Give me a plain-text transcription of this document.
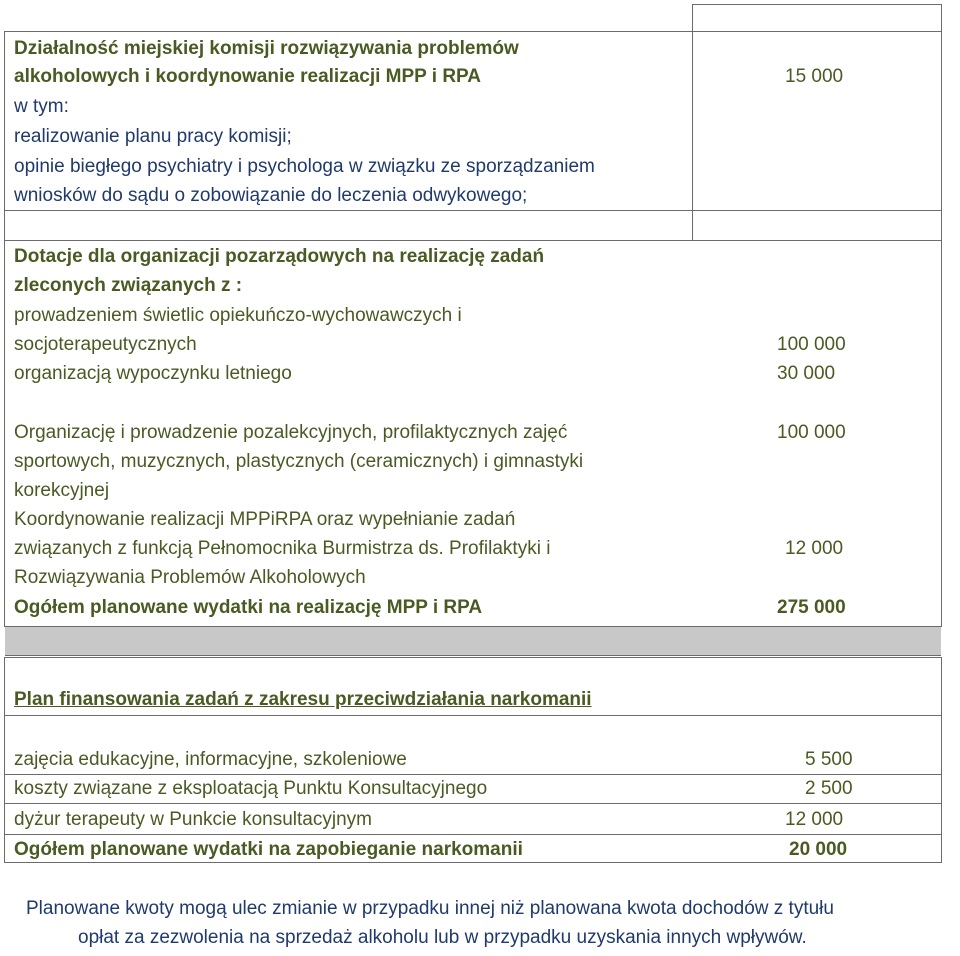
Działalność miejskiej komisji rozwiązywania problemów
alkoholowych i koordynowanie realizacji MPP i RPA	15 000
w tym:
realizowanie planu pracy komisji;
opinie biegłego psychiatry i psychologa w związku ze sporządzaniem
wniosków do sądu o zobowiązanie do leczenia odwykowego;
Dotacje dla organizacji pozarządowych na realizację zadań
zleconych związanych z :
prowadzeniem świetlic opiekuńczo-wychowawczych i
socjoterapeutycznych	100 000
organizacją wypoczynku letniego	30 000
Organizację i prowadzenie pozalekcyjnych, profilaktycznych zajęć	100 000
sportowych, muzycznych, plastycznych (ceramicznych) i gimnastyki
korekcyjnej
Koordynowanie realizacji MPPiRPA oraz wypełnianie zadań
związanych z funkcją Pełnomocnika Burmistrza ds. Profilaktyki i	12 000
Rozwiązywania Problemów Alkoholowych
Ogółem planowane wydatki na realizację MPP i RPA	275 000
Plan finansowania zadań z zakresu przeciwdziałania narkomanii
zajęcia edukacyjne, informacyjne, szkoleniowe	5 500
koszty związane z eksploatacją Punktu Konsultacyjnego	2 500
dyżur terapeuty w Punkcie konsultacyjnym	12 000
Ogółem planowane wydatki na zapobieganie narkomanii	20 000
Planowane kwoty mogą ulec zmianie w przypadku innej niż planowana kwota dochodów z tytułu
opłat za zezwolenia na sprzedaż alkoholu lub w przypadku uzyskania innych wpływów.
